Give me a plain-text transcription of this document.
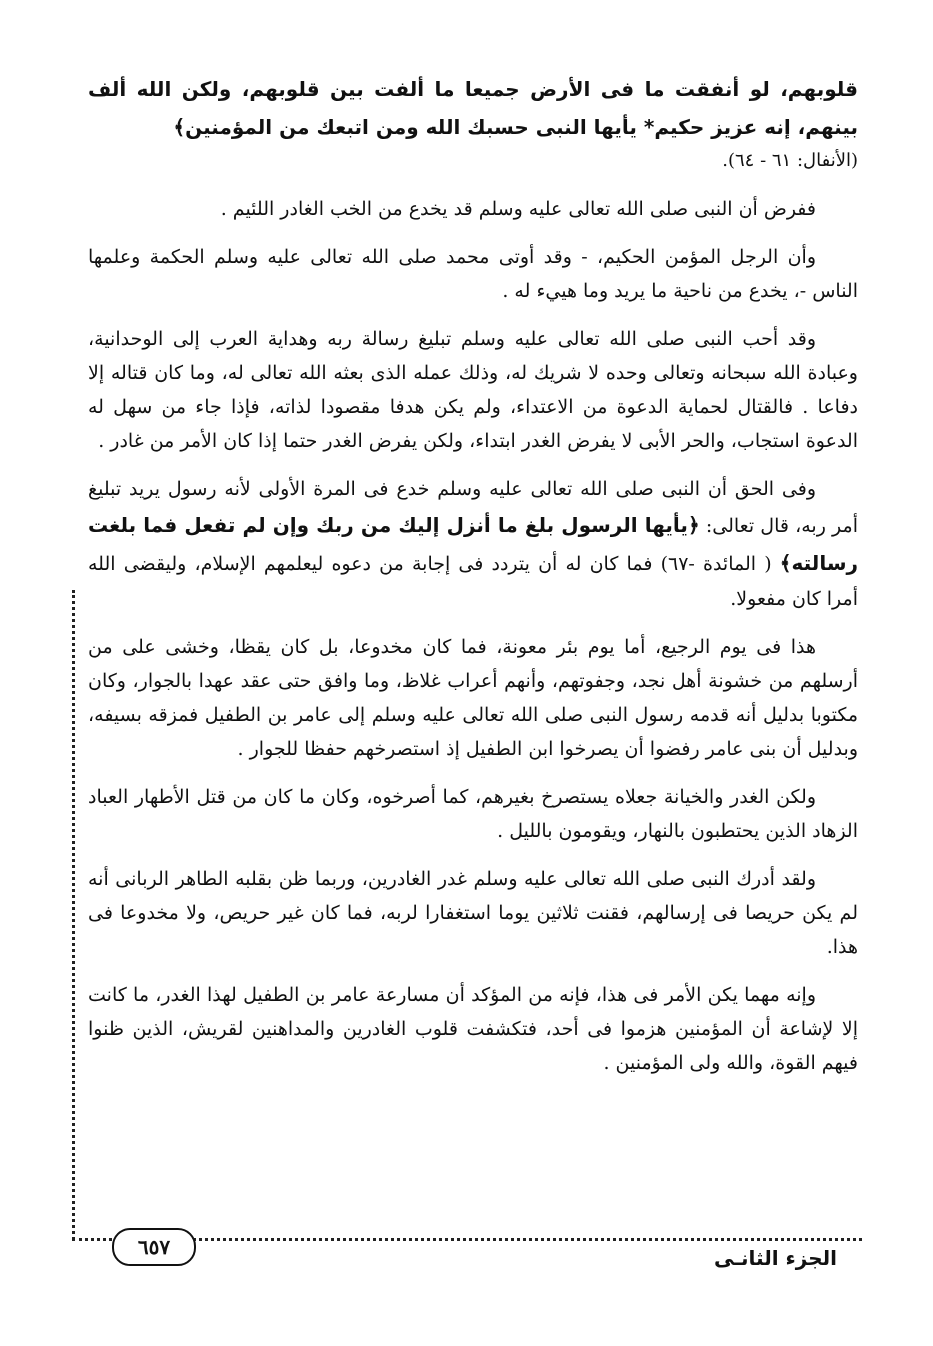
قلوبهم، لو أنفقت ما فى الأرض جميعا ما ألفت بين قلوبهم، ولكن الله ألف بينهم، إنه عزيز حكيم* يأيها النبى حسبك الله ومن اتبعك من المؤمنين﴾

(الأنفال: ٦١ - ٦٤).

ففرض أن النبى صلى الله تعالى عليه وسلم قد يخدع من الخب الغادر اللئيم .

وأن الرجل المؤمن الحكيم، - وقد أوتى محمد صلى الله تعالى عليه وسلم الحكمة وعلمها الناس -، يخدع من ناحية ما يريد وما هييء له .

وقد أحب النبى صلى الله تعالى عليه وسلم تبليغ رسالة ربه وهداية العرب إلى الوحدانية، وعبادة الله سبحانه وتعالى وحده لا شريك له، وذلك عمله الذى بعثه الله تعالى له، وما كان قتاله إلا دفاعا . فالقتال لحماية الدعوة من الاعتداء، ولم يكن هدفا مقصودا لذاته، فإذا جاء من سهل له الدعوة استجاب، والحر الأبى لا يفرض الغدر ابتداء، ولكن يفرض الغدر حتما إذا كان الأمر من غادر .

وفى الحق أن النبى صلى الله تعالى عليه وسلم خدع فى المرة الأولى لأنه رسول يريد تبليغ أمر ربه، قال تعالى: ﴿يأيها الرسول بلغ ما أنزل إليك من ربك وإن لم تفعل فما بلغت رسالته﴾ ( المائدة -٦٧) فما كان له أن يتردد فى إجابة من دعوه ليعلمهم الإسلام، وليقضى الله أمرا كان مفعولا.

هذا فى يوم الرجيع، أما يوم بئر معونة، فما كان مخدوعا، بل كان يقظا، وخشى على من أرسلهم من خشونة أهل نجد، وجفوتهم، وأنهم أعراب غلاظ، وما وافق حتى عقد عهدا بالجوار، وكان مكتوبا بدليل أنه قدمه رسول النبى صلى الله تعالى عليه وسلم إلى عامر بن الطفيل فمزقه بسيفه، وبدليل أن بنى عامر رفضوا أن يصرخوا ابن الطفيل إذ استصرخهم حفظا للجوار .

ولكن الغدر والخيانة جعلاه يستصرخ بغيرهم، كما أصرخوه، وكان ما كان من قتل الأطهار العباد الزهاد الذين يحتطبون بالنهار، ويقومون بالليل .

ولقد أدرك النبى صلى الله تعالى عليه وسلم غدر الغادرين، وربما ظن بقلبه الطاهر الربانى أنه لم يكن حريصا فى إرسالهم، فقنت ثلاثين يوما استغفارا لربه، فما كان غير حريص، ولا مخدوعا فى هذا.

وإنه مهما يكن الأمر فى هذا، فإنه من المؤكد أن مسارعة عامر بن الطفيل لهذا الغدر، ما كانت إلا لإشاعة أن المؤمنين هزموا فى أحد، فتكشفت قلوب الغادرين والمداهنين لقريش، الذين ظنوا فيهم القوة، والله ولى المؤمنين .

٦٥٧	الجزء الثانـى
